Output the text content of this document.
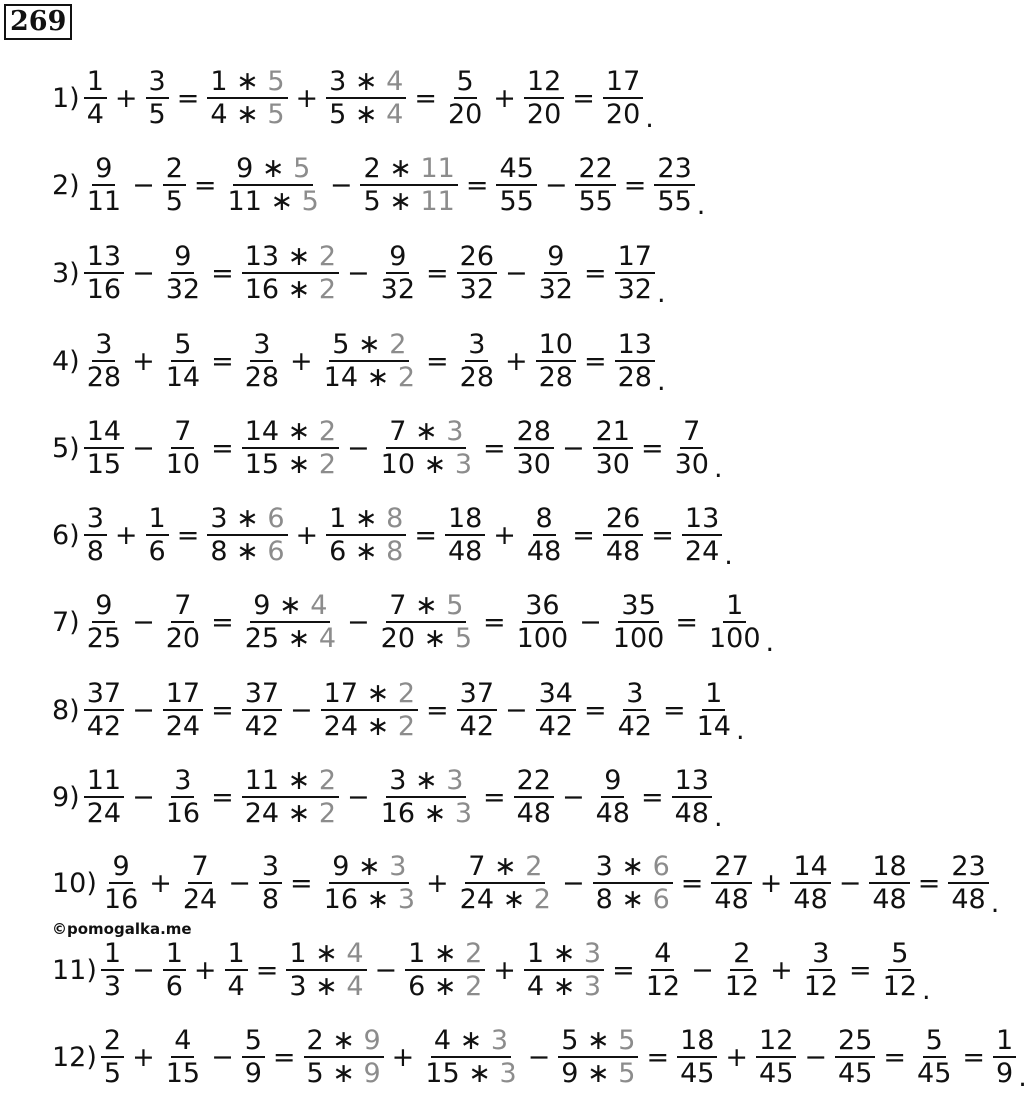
269
$1) \frac{1}{4} + \frac{3}{5} = \frac{1 ∗ 5}{4 ∗ 5} + \frac{3 ∗ 4}{5 ∗ 4} = \frac{5}{20} + \frac{12}{20} = \frac{17}{20}$ .
$2) \frac{9}{11} - \frac{2}{5} = \frac{9 ∗ 5}{11 ∗ 5} - \frac{2 ∗ 11}{5 ∗ 11} = \frac{45}{55} - \frac{22}{55} = \frac{23}{55}$ .
$3) \frac{13}{16} - \frac{9}{32} = \frac{13 ∗ 2}{16 ∗ 2} - \frac{9}{32} = \frac{26}{32} - \frac{9}{32} = \frac{17}{32}$ .
$4) \frac{3}{28} + \frac{5}{14} = \frac{3}{28} + \frac{5 ∗ 2}{14 ∗ 2} = \frac{3}{28} + \frac{10}{28} = \frac{13}{28}$ .
$5) \frac{14}{15} - \frac{7}{10} = \frac{14 ∗ 2}{15 ∗ 2} - \frac{7 ∗ 3}{10 ∗ 3} = \frac{28}{30} - \frac{21}{30} = \frac{7}{30}$ .
$6) \frac{3}{8} + \frac{1}{6} = \frac{3 ∗ 6}{8 ∗ 6} + \frac{1 ∗ 8}{6 ∗ 8} = \frac{18}{48} + \frac{8}{48} = \frac{26}{48} = \frac{13}{24}$ .
$7) \frac{9}{25} - \frac{7}{20} = \frac{9 ∗ 4}{25 ∗ 4} - \frac{7 ∗ 5}{20 ∗ 5} = \frac{36}{100} - \frac{35}{100} = \frac{1}{100}$ .
$8) \frac{37}{42} - \frac{17}{24} = \frac{37}{42} - \frac{17 ∗ 2}{24 ∗ 2} = \frac{37}{42} - \frac{34}{42} = \frac{3}{42} = \frac{1}{14}$ .
$9) \frac{11}{24} - \frac{3}{16} = \frac{11 ∗ 2}{24 ∗ 2} - \frac{3 ∗ 3}{16 ∗ 3} = \frac{22}{48} - \frac{9}{48} = \frac{13}{48}$ .
$10) \frac{9}{16} + \frac{7}{24} - \frac{3}{8} = \frac{9 ∗ 3}{16 ∗ 3} + \frac{7 ∗ 2}{24 ∗ 2} - \frac{3 ∗ 6}{8 ∗ 6} = \frac{27}{48} + \frac{14}{48} - \frac{18}{48} = \frac{23}{48}$ .
$11) \frac{1}{3} - \frac{1}{6} + \frac{1}{4} = \frac{1 ∗ 4}{3 ∗ 4} - \frac{1 ∗ 2}{6 ∗ 2} + \frac{1 ∗ 3}{4 ∗ 3} = \frac{4}{12} - \frac{2}{12} + \frac{3}{12} = \frac{5}{12}$ .
$12) \frac{2}{5} + \frac{4}{15} - \frac{5}{9} = \frac{2 ∗ 9}{5 ∗ 9} + \frac{4 ∗ 3}{15 ∗ 3} - \frac{5 ∗ 5}{9 ∗ 5} = \frac{18}{45} + \frac{12}{45} - \frac{25}{45} = \frac{5}{45} = \frac{1}{9}$ .
©pomogalka.me
